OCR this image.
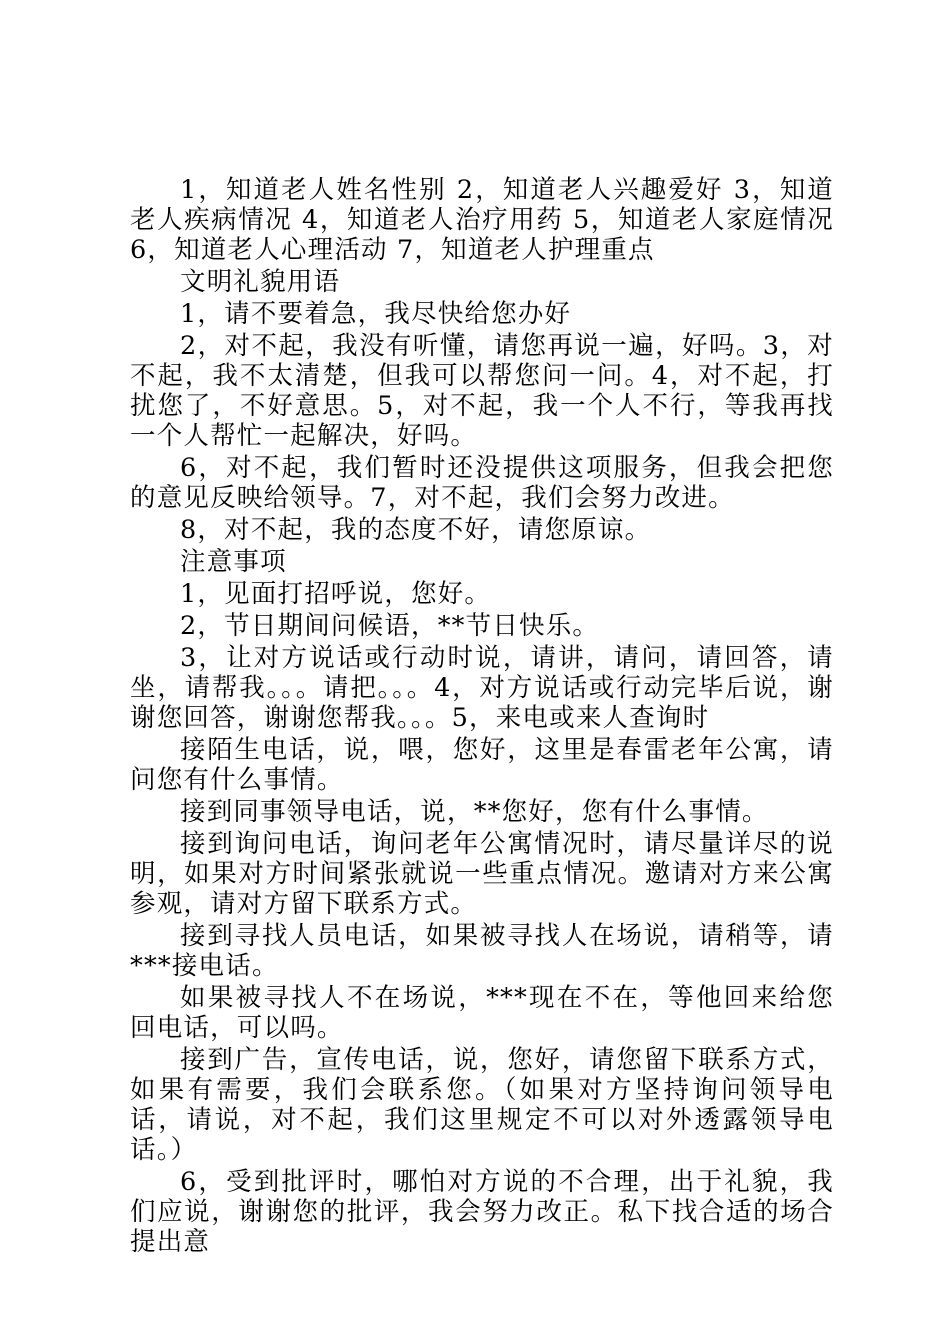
1，知道老人姓名性别 2，知道老人兴趣爱好 3，知道老人疾病情况 4，知道老人治疗用药 5，知道老人家庭情况 6，知道老人心理活动 7，知道老人护理重点

文明礼貌用语

1，请不要着急，我尽快给您办好

2，对不起，我没有听懂，请您再说一遍，好吗。3，对不起，我不太清楚，但我可以帮您问一问。4，对不起，打扰您了，不好意思。5，对不起，我一个人不行，等我再找一个人帮忙一起解决，好吗。

6，对不起，我们暂时还没提供这项服务，但我会把您的意见反映给领导。7，对不起，我们会努力改进。

8，对不起，我的态度不好，请您原谅。

注意事项

1，见面打招呼说，您好。

2，节日期间问候语，**节日快乐。

3，让对方说话或行动时说，请讲，请问，请回答，请坐，请帮我。。。请把。。。4，对方说话或行动完毕后说，谢谢您回答，谢谢您帮我。。。5，来电或来人查询时

接陌生电话，说，喂，您好，这里是春雷老年公寓，请问您有什么事情。

接到同事领导电话，说，**您好，您有什么事情。

接到询问电话，询问老年公寓情况时，请尽量详尽的说明，如果对方时间紧张就说一些重点情况。邀请对方来公寓参观，请对方留下联系方式。

接到寻找人员电话，如果被寻找人在场说，请稍等，请***接电话。

如果被寻找人不在场说，***现在不在，等他回来给您回电话，可以吗。

接到广告，宣传电话，说，您好，请您留下联系方式，如果有需要，我们会联系您。（如果对方坚持询问领导电话，请说，对不起，我们这里规定不可以对外透露领导电话。）

6，受到批评时，哪怕对方说的不合理，出于礼貌，我们应说，谢谢您的批评，我会努力改正。私下找合适的场合提出意
